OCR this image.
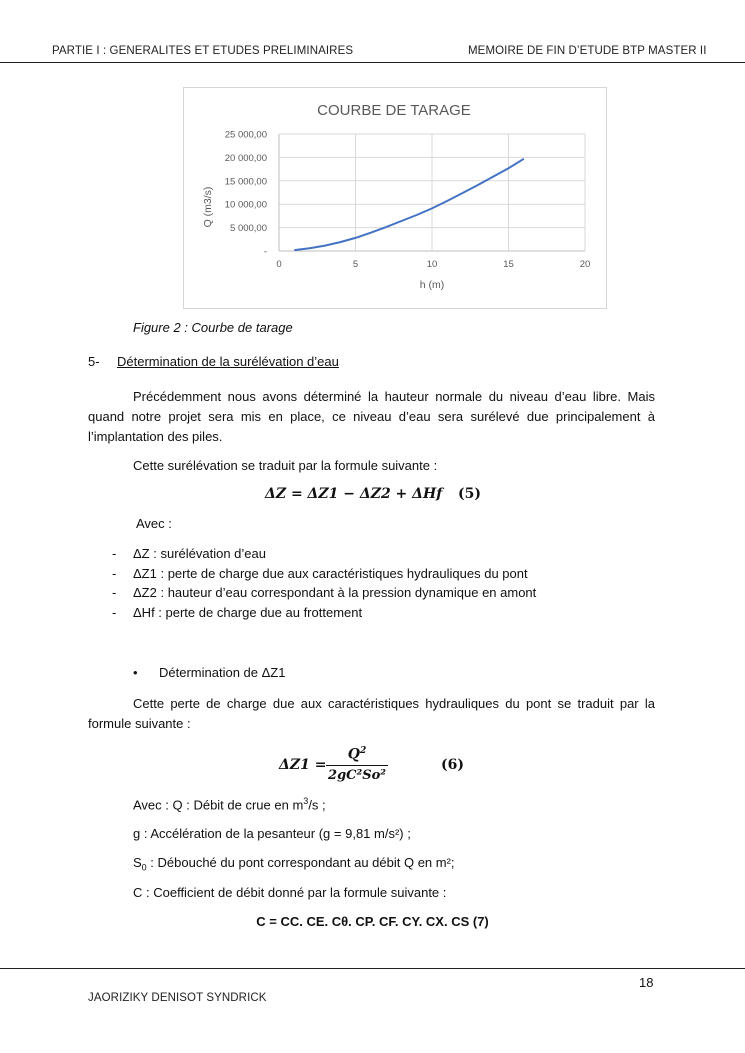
PARTIE I : GENERALITES ET ETUDES PRELIMINAIRES	MEMOIRE DE FIN D’ETUDE BTP MASTER II
COURBE DE TARAGE
-
5 000,00
10 000,00
15 000,00
20 000,00
25 000,00
0	5	10	15	20
Q (m3/s)
h (m)
Figure 2 : Courbe de tarage
5- Détermination de la surélévation d’eau
Précédemment nous avons déterminé la hauteur normale du niveau d’eau libre. Mais quand notre projet sera mis en place, ce niveau d’eau sera surélevé due principalement à l’implantation des piles.
Cette surélévation se traduit par la formule suivante :
ΔZ = ΔZ1 − ΔZ2 + ΔHf (5)
Avec :
- ΔZ : surélévation d’eau
- ΔZ1 : perte de charge due aux caractéristiques hydrauliques du pont
- ΔZ2 : hauteur d’eau correspondant à la pression dynamique en amont
- ΔHf : perte de charge due au frottement
• Détermination de ΔZ1
Cette perte de charge due aux caractéristiques hydrauliques du pont se traduit par la formule suivante :
ΔZ1 =
$Q^2$
2gC²So²
(6)
Avec : Q : Débit de crue en $m^3/s$ ;
g : Accélération de la pesanteur (g = 9,81 m/s²) ;
$S_0$ : Débouché du pont correspondant au débit Q en m²;
C : Coefficient de débit donné par la formule suivante :
C = CC. CE. Cθ. CP. CF. CY. CX. CS (7)
18
JAORIZIKY DENISOT SYNDRICK
